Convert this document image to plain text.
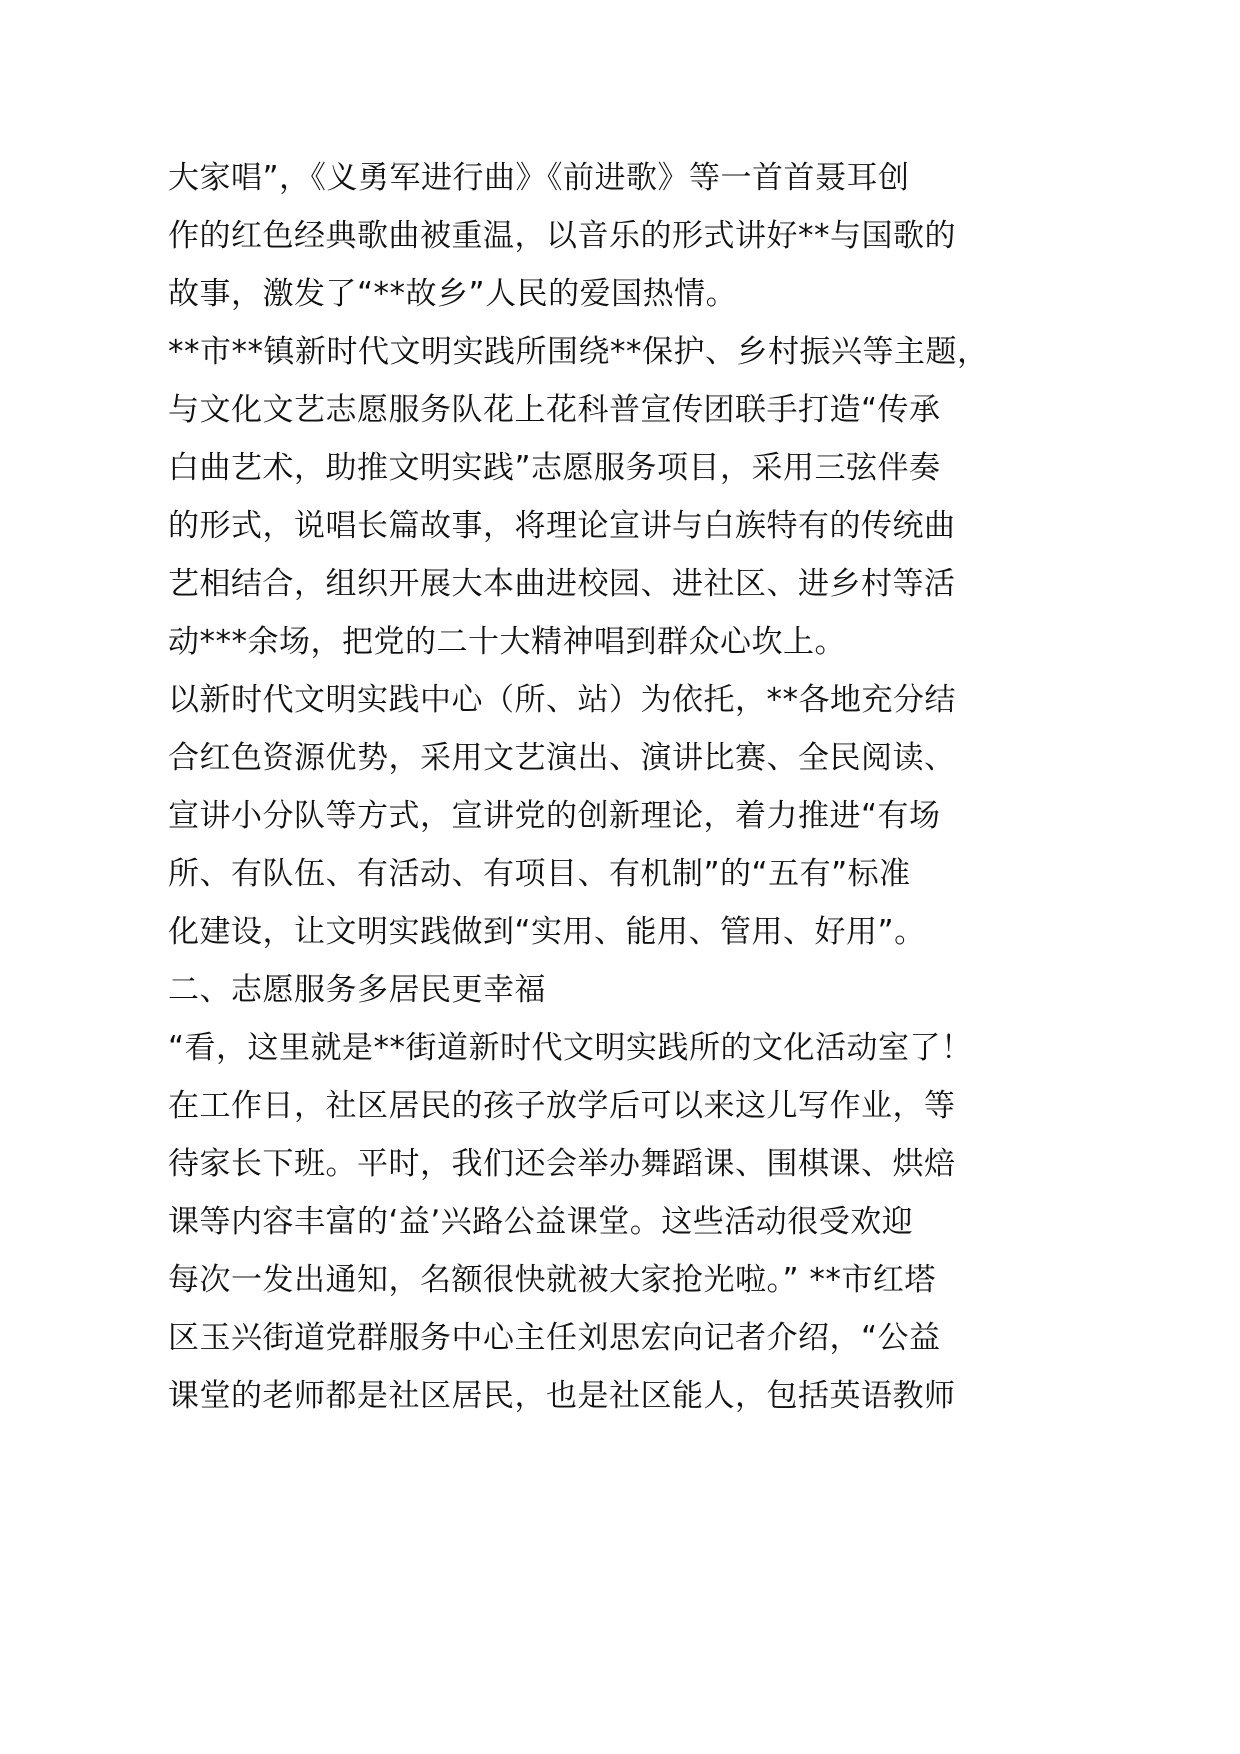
大家唱”，《义勇军进行曲》《前进歌》等一首首聂耳创

作的红色经典歌曲被重温，以音乐的形式讲好**与国歌的

故事，激发了“**故乡”人民的爱国热情。

**市**镇新时代文明实践所围绕**保护、乡村振兴等主题，

与文化文艺志愿服务队花上花科普宣传团联手打造“传承

白曲艺术，助推文明实践”志愿服务项目，采用三弦伴奏

的形式，说唱长篇故事，将理论宣讲与白族特有的传统曲

艺相结合，组织开展大本曲进校园、进社区、进乡村等活

动***余场，把党的二十大精神唱到群众心坎上。

以新时代文明实践中心（所、站）为依托，**各地充分结

合红色资源优势，采用文艺演出、演讲比赛、全民阅读、

宣讲小分队等方式，宣讲党的创新理论，着力推进“有场

所、有队伍、有活动、有项目、有机制”的“五有”标准

化建设，让文明实践做到“实用、能用、管用、好用”。

二、志愿服务多居民更幸福

“看，这里就是**街道新时代文明实践所的文化活动室了！

在工作日，社区居民的孩子放学后可以来这儿写作业，等

待家长下班。平时，我们还会举办舞蹈课、围棋课、烘焙

课等内容丰富的‘益’兴路公益课堂。这些活动很受欢迎

每次一发出通知，名额很快就被大家抢光啦。” **市红塔

区玉兴街道党群服务中心主任刘思宏向记者介绍，“公益

课堂的老师都是社区居民，也是社区能人，包括英语教师
